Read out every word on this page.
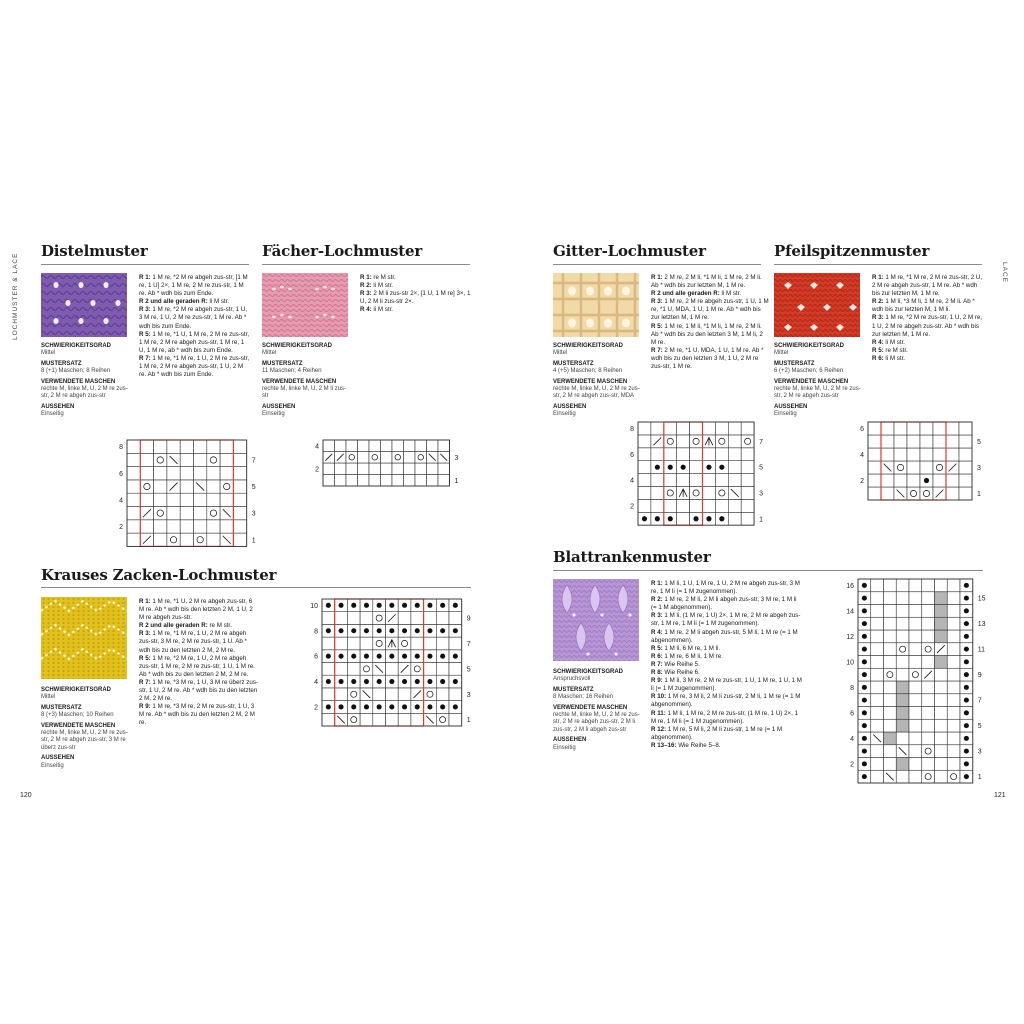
LOCHMUSTER & LACE	LACE
120	121
Distelmuster
SCHWIERIGKEITSGRAD
Mittel
MUSTERSATZ
8 (+1) Maschen; 8 Reihen
VERWENDETE MASCHEN
rechte M, linke M, U, 2 M re zus-str, 2 M re abgeh zus-str
AUSSEHEN
Einseitig

R 1: 1 M re, *2 M re abgeh zus-str, [1 M re, 1 U] 2×, 1 M re, 2 M re zus-str, 1 M re. Ab * wdh bis zum Ende.

R 2 und alle geraden R: li M str.

R 3: 1 M re, *2 M re abgeh zus-str, 1 U, 3 M re, 1 U, 2 M re zus-str, 1 M re. Ab * wdh bis zum Ende.

R 5: 1 M re, *1 U, 1 M re, 2 M re zus-str, 1 M re, 2 M re abgeh zus-str, 1 M re, 1 U, 1 M re, ab * wdh bis zum Ende.

R 7: 1 M re, *1 M re, 1 U, 2 M re zus-str, 1 M re, 2 M re abgeh zus-str, 1 U, 2 M re. Ab * wdh bis zum Ende.

8
6
4
2
7
5
3
1
Fächer-Lochmuster
SCHWIERIGKEITSGRAD
Mittel
MUSTERSATZ
11 Maschen; 4 Reihen
VERWENDETE MASCHEN
rechte M, linke M, U, 2 M li zus-str
AUSSEHEN
Einseitig

R 1: re M str.

R 2: li M str.

R 3: 2 M li zus-str 2×, [1 U, 1 M re] 3×, 1 U, 2 M li zus-str 2×.

R 4: li M str.

4
2
3
1
Krauses Zacken-Lochmuster
SCHWIERIGKEITSGRAD
Mittel
MUSTERSATZ
8 (+3) Maschen; 10 Reihen
VERWENDETE MASCHEN
rechte M, linke M, U, 2 M re zus-str, 2 M re abgeh zus-str, 3 M re überz zus-str
AUSSEHEN
Einseitig

R 1: 1 M re, *1 U, 2 M re abgeh zus-str, 6 M re. Ab * wdh bis den letzten 2 M, 1 U, 2 M re abgeh zus-str.

R 2 und alle geraden R: re M str.

R 3: 1 M re, *1 M re, 1 U, 2 M re abgeh zus-str, 3 M re, 2 M re zus-str, 1 U. Ab * wdh bis zu den letzten 2 M, 2 M re.

R 5: 1 M re, *2 M re, 1 U, 2 M re abgeh zus-str, 1 M re, 2 M re zus-str, 1 U, 1 M re. Ab * wdh bis zu den letzten 2 M, 2 M re.

R 7: 1 M re, *3 M re, 1 U, 3 M re überz zus-str, 1 U, 2 M re. Ab * wdh bis zu den letzten 2 M, 2 M re.

R 9: 1 M re, *3 M re, 2 M re zus-str, 1 U, 3 M re. Ab * wdh bis zu den letzten 2 M, 2 M re.

10
8
6
4
2
9
7
5
3
1
Gitter-Lochmuster
SCHWIERIGKEITSGRAD
Mittel
MUSTERSATZ
4 (+5) Maschen; 8 Reihen
VERWENDETE MASCHEN
rechte M, linke M, U, 2 M re zus-str, 2 M re abgeh zus-str, MDA
AUSSEHEN
Einseitig

R 1: 2 M re, 2 M li, *1 M li, 1 M re, 2 M li. Ab * wdh bis zur letzten M, 1 M re.

R 2 und alle geraden R: li M str.

R 3: 1 M re, 2 M re abgeh zus-str, 1 U, 1 M re, *1 U, MDA, 1 U, 1 M re. Ab * wdh bis zur letzten M, 1 M re.

R 5: 1 M re, 1 M li, *1 M li, 1 M re, 2 M li. Ab * wdh bis zu den letzten 3 M, 1 M li, 2 M re.

R 7: 2 M re, *1 U, MDA, 1 U, 1 M re. Ab * wdh bis zu den letzten 3 M, 1 U, 2 M re zus-str, 1 M re.

8
6
4
2
7
5
3
1
Pfeilspitzenmuster
SCHWIERIGKEITSGRAD
Mittel
MUSTERSATZ
6 (+2) Maschen; 6 Reihen
VERWENDETE MASCHEN
rechte M, linke M, U, 2 M re zus-str, 2 M re abgeh zus-str
AUSSEHEN
Einseitig

R 1: 1 M re, *1 M re, 2 M re zus-str, 2 U, 2 M re abgeh zus-str, 1 M re. Ab * wdh bis zur letzten M, 1 M re.

R 2: 1 M li, *3 M li, 1 M re, 2 M li. Ab * wdh bis zur letzten M, 1 M li.

R 3: 1 M re, *2 M re zus-str, 1 U, 2 M re, 1 U, 2 M re abgeh zus-str. Ab * wdh bis zur letzten M, 1 M re.

R 4: li M str.

R 5: re M str.

R 6: li M str.

6
4
2
5
3
1
Blattrankenmuster
SCHWIERIGKEITSGRAD
Anspruchsvoll
MUSTERSATZ
8 Maschen; 16 Reihen
VERWENDETE MASCHEN
rechte M, linke M, U, 2 M re zus-str, 2 M re abgeh zus-str, 2 M li zus-str, 2 M li abgeh zus-str
AUSSEHEN
Einseitig

R 1: 1 M li, 1 U, 1 M re, 1 U, 2 M re abgeh zus-str, 3 M re, 1 M li (= 1 M zugenommen).

R 2: 1 M re, 2 M li, 2 M li abgeh zus-str, 3 M re, 1 M li (= 1 M abgenommen).

R 3: 1 M li, (1 M re, 1 U) 2×, 1 M re, 2 M re abgeh zus-str, 1 M re, 1 M li (= 1 M zugenommen).

R 4: 1 M re, 2 M li abgeh zus-str, 5 M li, 1 M re (= 1 M abgenommen).

R 5: 1 M li, 6 M re, 1 M li.

R 6: 1 M re, 6 M li, 1 M re.

R 7: Wie Reihe 5.

R 8: Wie Reihe 6.

R 9: 1 M li, 3 M re, 2 M re zus-str, 1 U, 1 M re, 1 U, 1 M li (= 1 M zugenommen).

R 10: 1 M re, 3 M li, 2 M li zus-str, 2 M li, 1 M re (= 1 M abgenommen).

R 11: 1 M li, 1 M re, 2 M re zus-str, (1 M re, 1 U) 2×, 1 M re, 1 M li (= 1 M zugenommen).

R 12: 1 M re, 5 M li, 2 M li zus-str, 1 M re (= 1 M abgenommen).

R 13–16: Wie Reihe 5–8.

16
14
12
10
8
6
4
2
15
13
11
9
7
5
3
1
